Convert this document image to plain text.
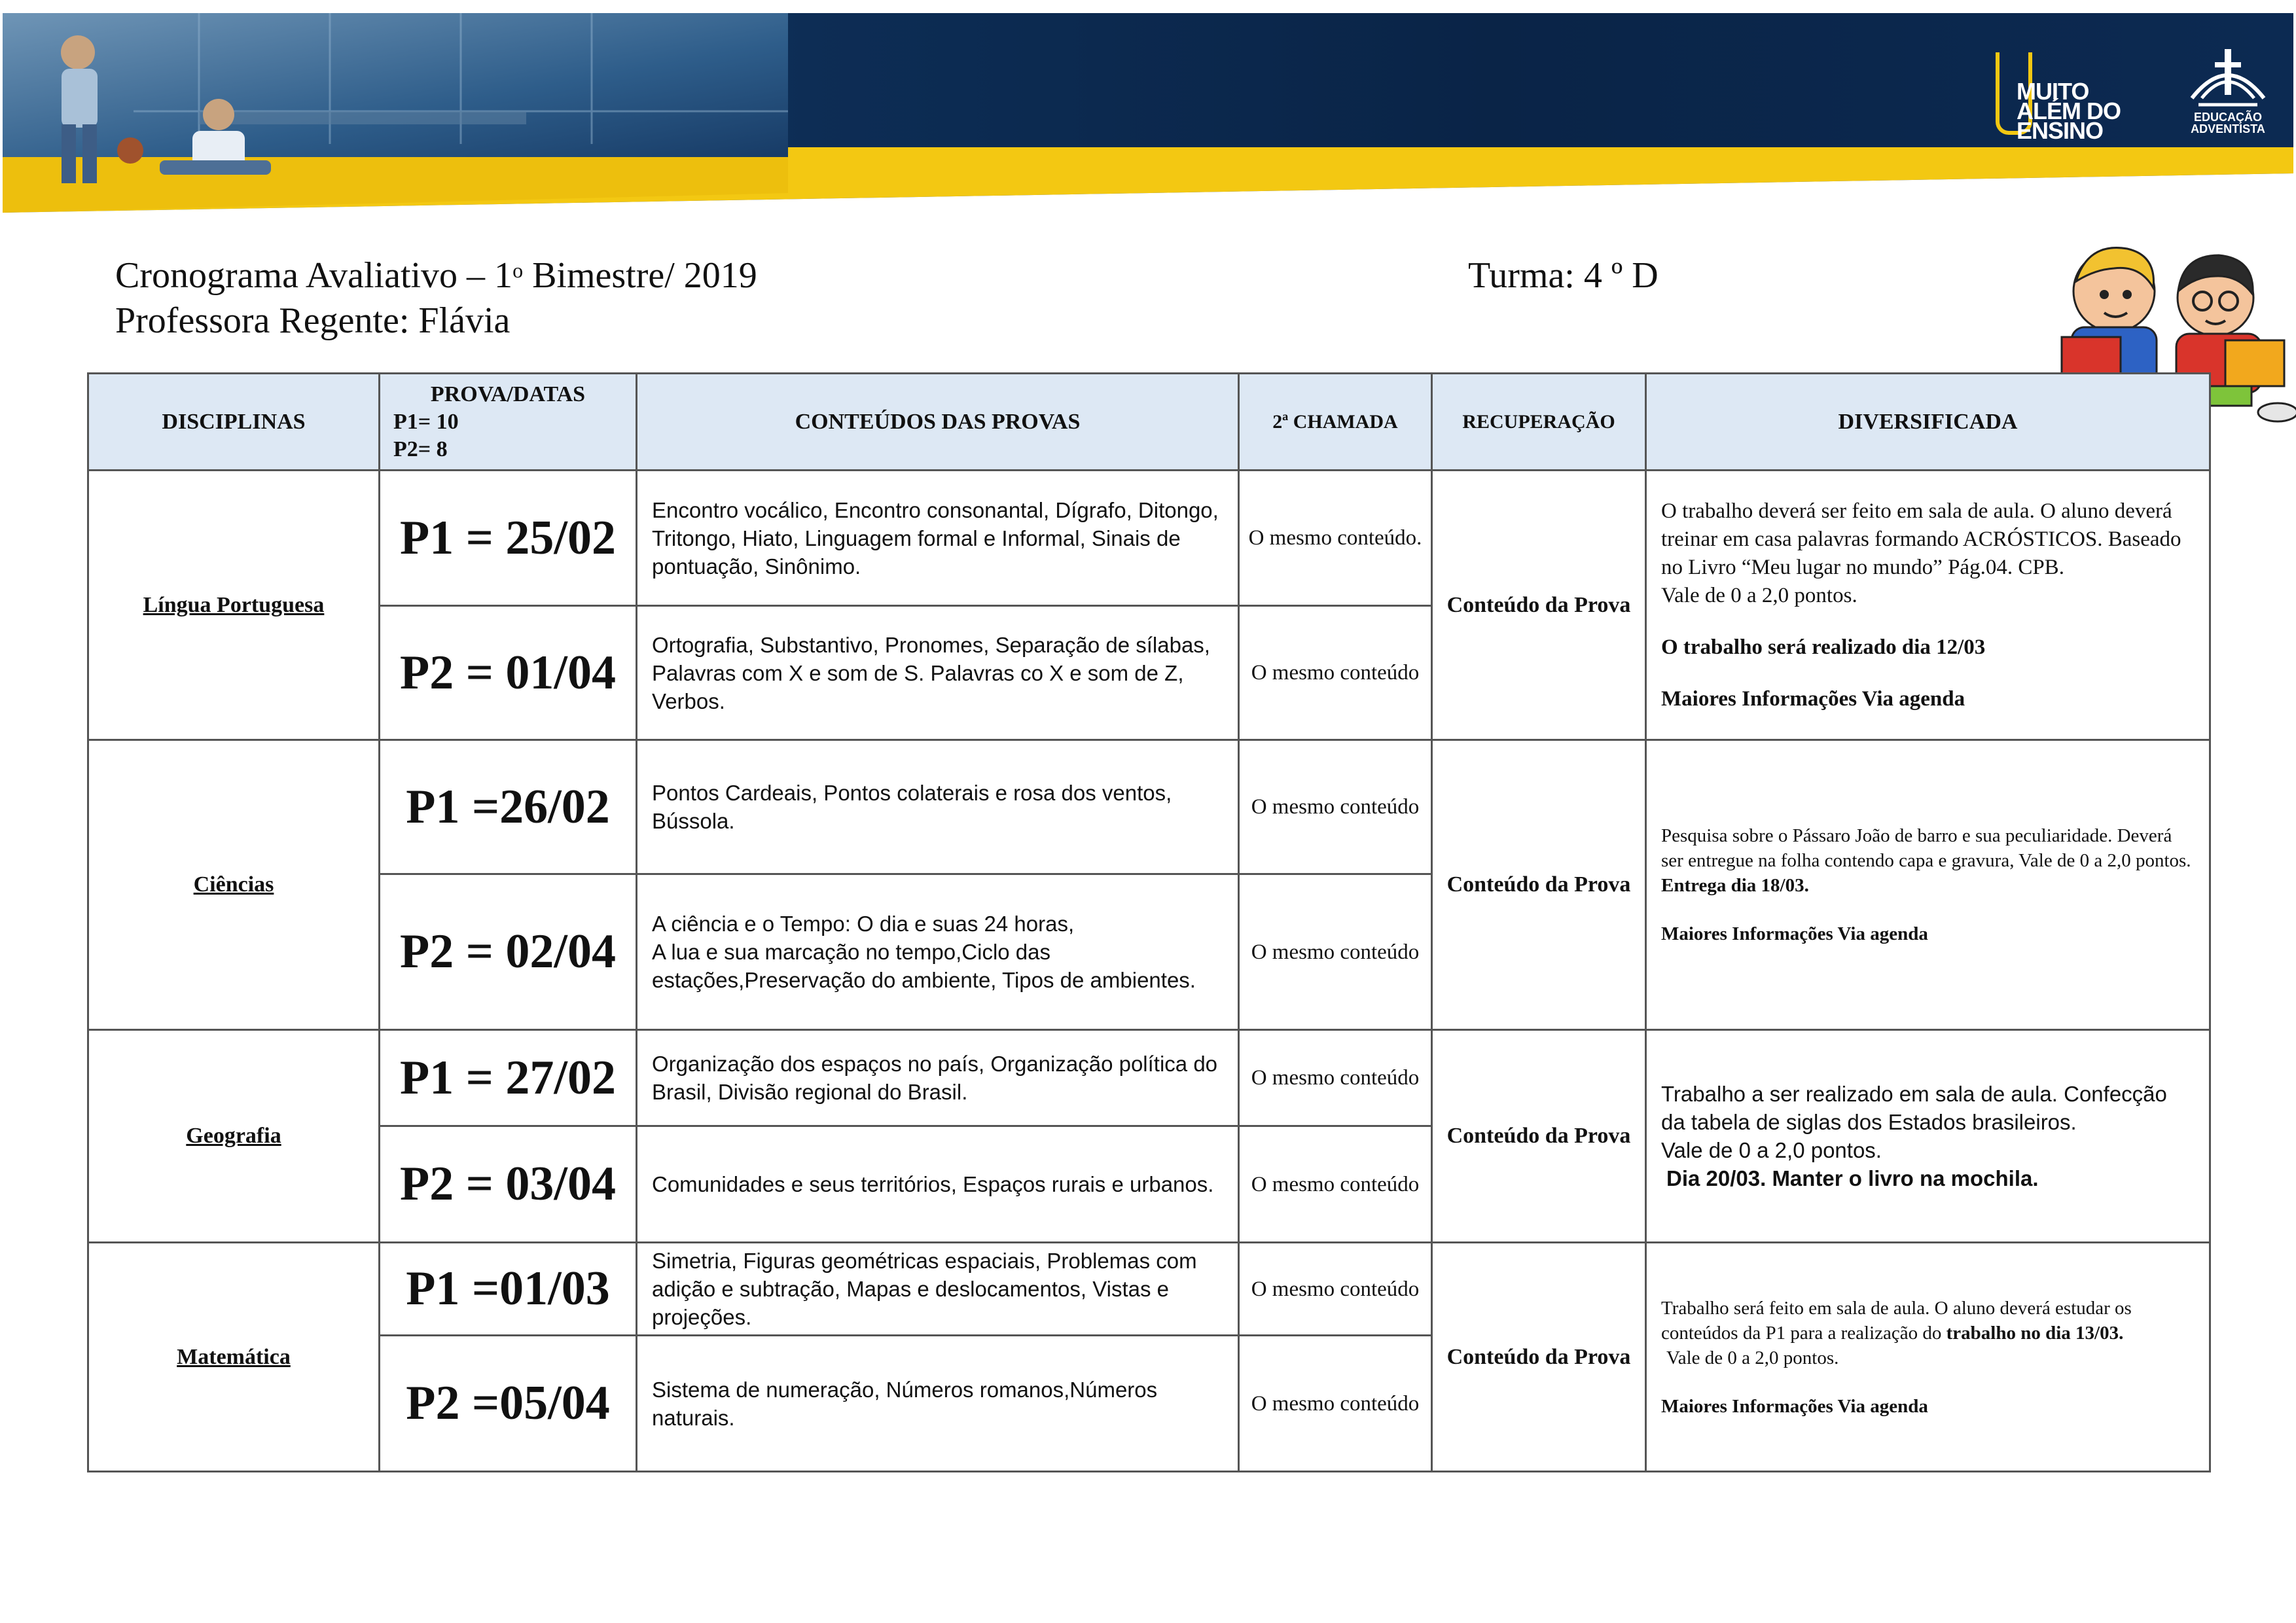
MUITO
ALÉM DO
ENSINO	EDUCAÇÃO
ADVENTISTA
Cronograma Avaliativo – 1$^o$ Bimestre/ 2019	Turma: 4 º D
Professora Regente: Flávia
DISCIPLINAS	PROVA/DATAS
P1= 10
P2= 8	CONTEÚDOS DAS PROVAS	2ª CHAMADA	RECUPERAÇÃO	DIVERSIFICADA
Língua Portuguesa	P1 = 25/02	Encontro vocálico, Encontro consonantal, Dígrafo, Ditongo, Tritongo, Hiato, Linguagem formal e Informal, Sinais de pontuação, Sinônimo.	O mesmo conteúdo.	Conteúdo da Prova	O trabalho deverá ser feito em sala de aula. O aluno deverá treinar em casa palavras formando ACRÓSTICOS. Baseado no Livro “Meu lugar no mundo” Pág.04. CPB.
Vale de 0 a 2,0 pontos.
O trabalho será realizado dia 12/03
Maiores Informações Via agenda

	P2 = 01/04	Ortografia, Substantivo, Pronomes, Separação de sílabas, Palavras com X e som de S. Palavras co X e som de Z, Verbos.	O mesmo conteúdo		
Ciências	P1 =26/02	Pontos Cardeais, Pontos colaterais e rosa dos ventos, Bússola.	O mesmo conteúdo	Conteúdo da Prova	Pesquisa sobre o Pássaro João de barro e sua peculiaridade. Deverá ser entregue na folha contendo capa e gravura, Vale de 0 a 2,0 pontos. Entrega dia 18/03.
Maiores Informações Via agenda

	P2 = 02/04	A ciência e o Tempo: O dia e suas 24 horas,
A lua e sua marcação no tempo,Ciclo das estações,Preservação do ambiente, Tipos de ambientes.	O mesmo conteúdo		
Geografia	P1 = 27/02	Organização dos espaços no país, Organização política do Brasil, Divisão regional do Brasil.	O mesmo conteúdo	Conteúdo da Prova	Trabalho a ser realizado em sala de aula. Confecção da tabela de siglas dos Estados brasileiros.
Vale de 0 a 2,0 pontos.
Dia 20/03. Manter o livro na mochila.

	P2 = 03/04	Comunidades e seus territórios, Espaços rurais e urbanos.	O mesmo conteúdo		
Matemática	P1 =01/03	Simetria, Figuras geométricas espaciais, Problemas com adição e subtração, Mapas e deslocamentos, Vistas e projeções.	O mesmo conteúdo	Conteúdo da Prova	Trabalho será feito em sala de aula. O aluno deverá estudar os conteúdos da P1 para a realização do trabalho no dia 13/03.
Vale de 0 a 2,0 pontos.
Maiores Informações Via agenda

	P2 =05/04	Sistema de numeração, Números romanos,Números naturais.	O mesmo conteúdo		
